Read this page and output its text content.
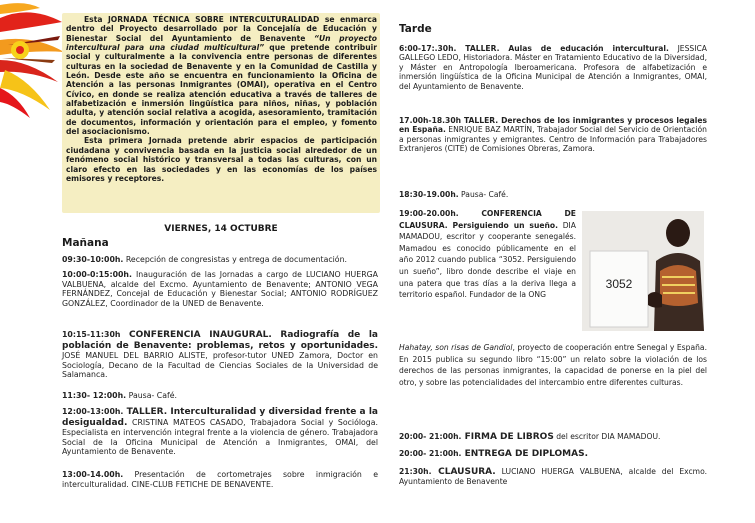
Esta JORNADA TÉCNICA SOBRE INTERCULTURALIDAD se enmarca dentro del Proyecto desarrollado por la Concejalía de Educación y Bienestar Social del Ayuntamiento de Benavente “Un proyecto intercultural para una ciudad multicultural” que pretende contribuir social y culturalmente a la convivencia entre personas de diferentes culturas en la sociedad de Benavente y en la Comunidad de Castilla y León. Desde este año se encuentra en funcionamiento la Oficina de Atención a las personas Inmigrantes (OMAI), operativa en el Centro Cívico, en donde se realiza atención educativa a través de talleres de alfabetización e inmersión lingüística para niños, niñas, y población adulta, y atención social relativa a acogida, asesoramiento, tramitación de documentos, información y orientación para el empleo, y fomento del asociacionismo.

Esta primera Jornada pretende abrir espacios de participación ciudadana y convivencia basada en la justicia social alrededor de un fenómeno social histórico y transversal a todas las culturas, con un claro efecto en las sociedades y en las economías de los países emisores y receptores.

VIERNES, 14 OCTUBRE
Mañana
09:30-10:00h. Recepción de congresistas y entrega de documentación.
10:00-0:15:00h. Inauguración de las Jornadas a cargo de LUCIANO HUERGA VALBUENA, alcalde del Excmo. Ayuntamiento de Benavente; ANTONIO VEGA FERNÁNDEZ, Concejal de Educación y Bienestar Social; ANTONIO RODRÍGUEZ GONZÁLEZ, Coordinador de la UNED de Benavente.
10:15-11:30h CONFERENCIA INAUGURAL. Radiografía de la población de Benavente: problemas, retos y oportunidades. JOSÉ MANUEL DEL BARRIO ALISTE, profesor-tutor UNED Zamora, Doctor en Sociología, Decano de la Facultad de Ciencias Sociales de la Universidad de Salamanca.
11:30- 12:00h. Pausa- Café.
12:00-13:00h. TALLER. Interculturalidad y diversidad frente a la desigualdad. CRISTINA MATEOS CASADO, Trabajadora Social y Socióloga. Especialista en intervención integral frente a la violencia de género. Trabajadora Social de la Oficina Municipal de Atención a Inmigrantes, OMAI, del Ayuntamiento de Benavente.
13:00-14.00h. Presentación de cortometrajes sobre inmigración e interculturalidad. CINE-CLUB FETICHE DE BENAVENTE.
Tarde
6:00-17:.30h. TALLER. Aulas de educación intercultural. JESSICA GALLEGO LEDO, Historiadora. Máster en Tratamiento Educativo de la Diversidad, y Máster en Antropología Iberoamericana. Profesora de alfabetización e inmersión lingüística de la Oficina Municipal de Atención a Inmigrantes, OMAI, del Ayuntamiento de Benavente.
17.00h-18.30h TALLER. Derechos de los inmigrantes y procesos legales en España. ENRIQUE BAZ MARTÍN, Trabajador Social del Servicio de Orientación a personas inmigrantes y emigrantes. Centro de Información para Trabajadores Extranjeros (CITE) de Comisiones Obreras, Zamora.
18:30-19.00h. Pausa- Café.
19:00-20.00h. CONFERENCIA DE CLAUSURA. Persiguiendo un sueño. DIA MAMADOU, escritor y cooperante senegalés. Mamadou es conocido públicamente en el año 2012 cuando publica “3052. Persiguiendo un sueño”, libro donde describe el viaje en una patera que tras días a la deriva llega a territorio español. Fundador de la ONG
Hahatay, son risas de Gandiol, proyecto de cooperación entre Senegal y España. En 2015 publica su segundo libro “15:00” un relato sobre la violación de los derechos de las personas inmigrantes, la capacidad de ponerse en la piel del otro, y sobre las potencialidades del intercambio entre diferentes culturas.
3052
20:00- 21:00h. FIRMA DE LIBROS del escritor DIA MAMADOU.
20:00- 21:00h. ENTREGA DE DIPLOMAS.
21:30h. CLAUSURA. LUCIANO HUERGA VALBUENA, alcalde del Excmo. Ayuntamiento de Benavente
